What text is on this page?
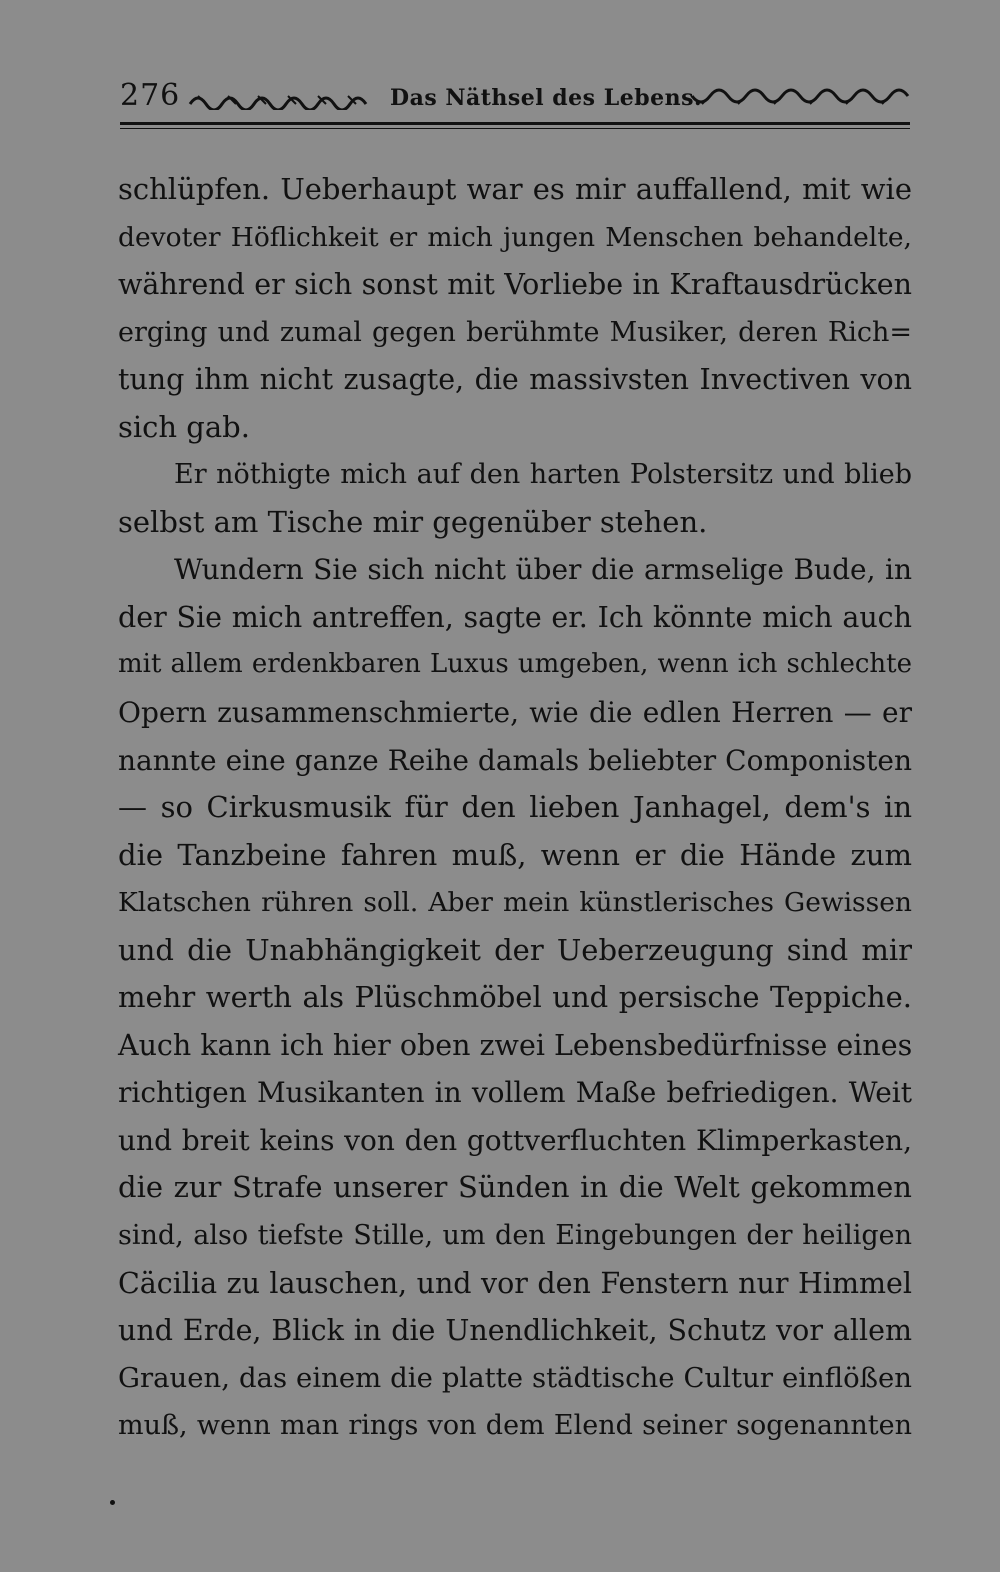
276	Das Näthsel des Lebens.
schlüpfen. Ueberhaupt war es mir auffallend, mit wie
devoter Höflichkeit er mich jungen Menschen behandelte,
während er sich sonst mit Vorliebe in Kraftausdrücken
erging und zumal gegen berühmte Musiker, deren Rich=
tung ihm nicht zusagte, die massivsten Invectiven von
sich gab.
Er nöthigte mich auf den harten Polstersitz und blieb
selbst am Tische mir gegenüber stehen.
Wundern Sie sich nicht über die armselige Bude, in
der Sie mich antreffen, sagte er. Ich könnte mich auch
mit allem erdenkbaren Luxus umgeben, wenn ich schlechte
Opern zusammenschmierte, wie die edlen Herren — er
nannte eine ganze Reihe damals beliebter Componisten
— so Cirkusmusik für den lieben Janhagel, dem's in
die Tanzbeine fahren muß, wenn er die Hände zum
Klatschen rühren soll. Aber mein künstlerisches Gewissen
und die Unabhängigkeit der Ueberzeugung sind mir
mehr werth als Plüschmöbel und persische Teppiche.
Auch kann ich hier oben zwei Lebensbedürfnisse eines
richtigen Musikanten in vollem Maße befriedigen. Weit
und breit keins von den gottverfluchten Klimperkasten,
die zur Strafe unserer Sünden in die Welt gekommen
sind, also tiefste Stille, um den Eingebungen der heiligen
Cäcilia zu lauschen, und vor den Fenstern nur Himmel
und Erde, Blick in die Unendlichkeit, Schutz vor allem
Grauen, das einem die platte städtische Cultur einflößen
muß, wenn man rings von dem Elend seiner sogenannten
